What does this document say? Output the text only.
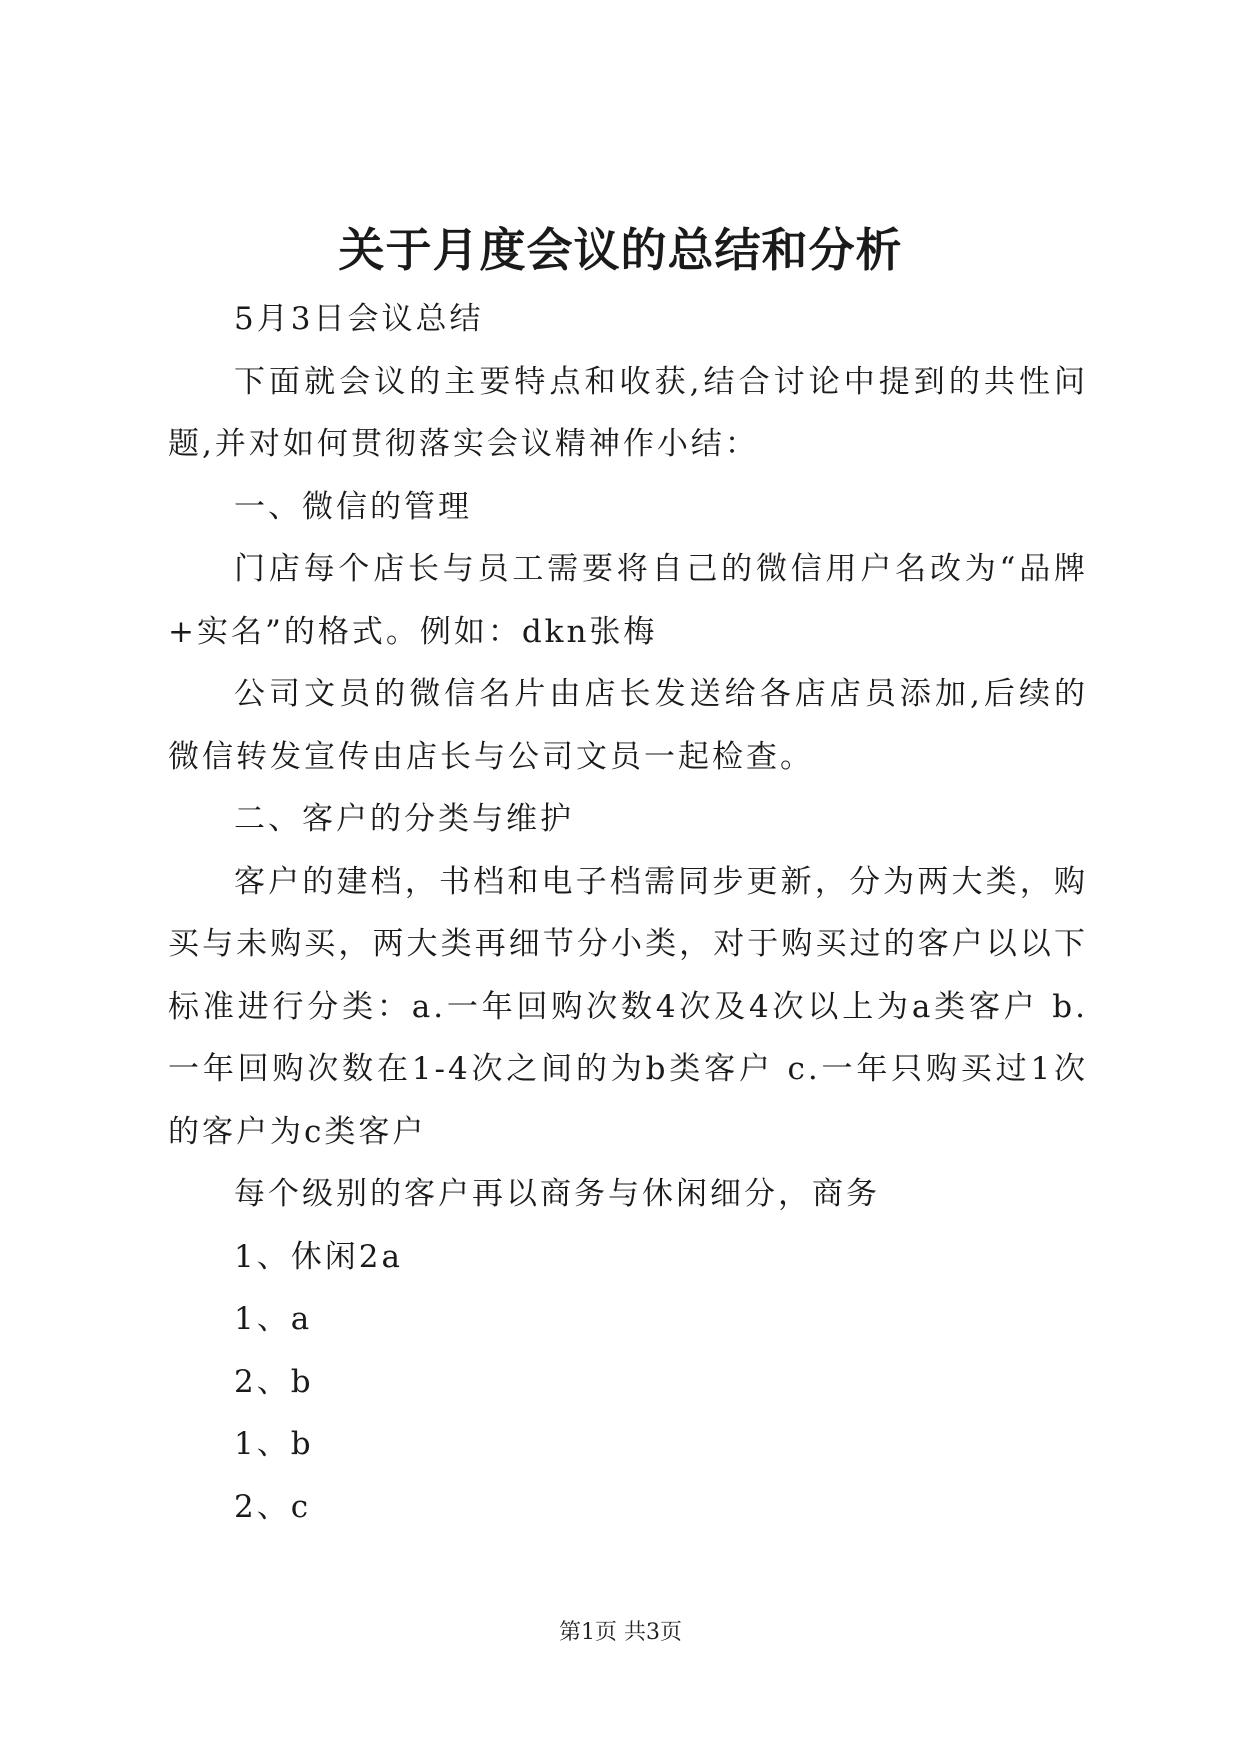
关于月度会议的总结和分析

5月3日会议总结

下面就会议的主要特点和收获,结合讨论中提到的共性问题,并对如何贯彻落实会议精神作小结：

一、微信的管理

门店每个店长与员工需要将自己的微信用户名改为“品牌+实名”的格式。例如：dkn张梅

公司文员的微信名片由店长发送给各店店员添加,后续的微信转发宣传由店长与公司文员一起检查。

二、客户的分类与维护

客户的建档，书档和电子档需同步更新，分为两大类，购买与未购买，两大类再细节分小类，对于购买过的客户以以下标准进行分类：a.一年回购次数4次及4次以上为a类客户 b.一年回购次数在1-4次之间的为b类客户 c.一年只购买过1次的客户为c类客户

每个级别的客户再以商务与休闲细分，商务

1、休闲2a

1、a

2、b

1、b

2、c

第1页 共3页
